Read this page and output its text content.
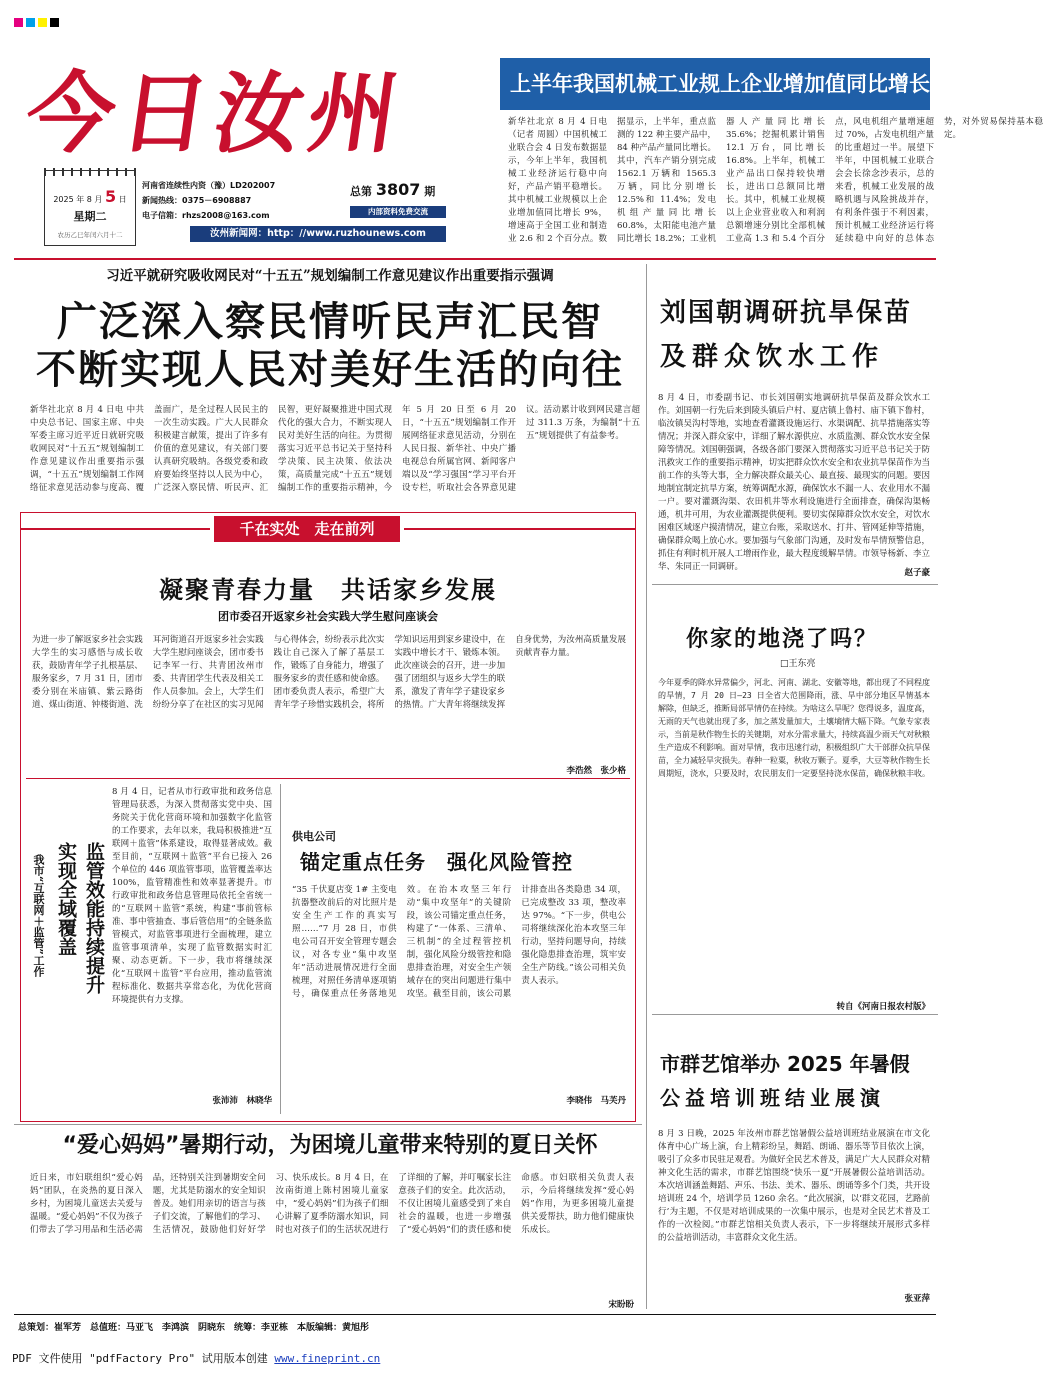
今日汝州
2025 年 8 月 5 日
星期二
农历乙巳年闰六月十二
河南省连续性内资（豫）LD202007
新闻热线：0375－6908887
电子信箱：rhzs2008@163.com
总第 3807 期
内部资料免费交流
汝州新闻网：http：//www.ruzhounews.com
上半年我国机械工业规上企业增加值同比增长 9%
新华社北京 8 月 4 日电（记者 周圆）中国机械工业联合会 4 日发布数据显示，今年上半年，我国机械工业经济运行稳中向好，产品产销平稳增长。其中机械工业规模以上企业增加值同比增长 9%，增速高于全国工业和制造业 2.6 和 2 个百分点。数据显示，上半年，重点监测的 122 种主要产品中，84 种产品产量同比增长。其中，汽车产销分别完成 1562.1 万辆和 1565.3 万辆，同比分别增长 12.5%和 11.4%；发电机组产量同比增长 60.8%，太阳能电池产量同比增长 18.2%；工业机器人产量同比增长 35.6%；挖掘机累计销售 12.1 万台，同比增长 16.8%。上半年，机械工业产品出口保持较快增长，进出口总额同比增长。其中，机械工业规模以上企业营业收入和利润总额增速分别比全部机械工业高 1.3 和 5.4 个百分点，风电机组产量增速超过 70%，占发电机组产量的比重超过一半。展望下半年，中国机械工业联合会会长徐念沙表示，总的来看，机械工业发展的战略机遇与风险挑战并存，有利条件强于不利因素，预计机械工业经济运行将延续稳中向好的总体态势，对外贸易保持基本稳定。
习近平就研究吸收网民对“十五五”规划编制工作意见建议作出重要指示强调
广泛深入察民情听民声汇民智
不断实现人民对美好生活的向往
新华社北京 8 月 4 日电 中共中央总书记、国家主席、中央军委主席习近平近日就研究吸收网民对“十五五”规划编制工作意见建议作出重要指示强调，“十五五”规划编制工作网络征求意见活动参与度高、覆盖面广，是全过程人民民主的一次生动实践。广大人民群众积极建言献策，提出了许多有价值的意见建议，有关部门要认真研究吸纳。各级党委和政府要始终坚持以人民为中心，广泛深入察民情、听民声、汇民智，更好凝聚推进中国式现代化的强大合力，不断实现人民对美好生活的向往。为贯彻落实习近平总书记关于坚持科学决策、民主决策、依法决策，高质量完成“十五五”规划编制工作的重要指示精神，今年 5 月 20 日至 6 月 20 日，“十五五”规划编制工作开展网络征求意见活动，分别在人民日报、新华社、中央广播电视总台所属官网、新闻客户端以及“学习强国”学习平台开设专栏，听取社会各界意见建议。活动累计收到网民建言超过 311.3 万条，为编制“十五五”规划提供了有益参考。
刘国朝调研抗旱保苗
及群众饮水工作
8 月 4 日，市委副书记、市长刘国朝实地调研抗旱保苗及群众饮水工作。刘国朝一行先后来到陵头镇后户村、夏店镇上鲁村、庙下镇下鲁村，临汝镇吴沟村等地，实地查看灌溉设施运行、水渠调配、抗旱措施落实等情况；并深入群众家中，详细了解水源供应、水质监测、群众饮水安全保障等情况。刘国朝强调，各级各部门要深入贯彻落实习近平总书记关于防汛救灾工作的重要指示精神，切实把群众饮水安全和农业抗旱保苗作为当前工作的头等大事，全力解决群众最关心、最直接、最现实的问题。要因地制宜制定抗旱方案，统筹调配水源，确保饮水不漏一人、农业用水不漏一户。要对灌溉沟渠、农田机井等水利设施进行全面排查，确保沟渠畅通，机井可用，为农业灌溉提供便利。要切实保障群众饮水安全，对饮水困难区域逐户摸清情况，建立台账，采取送水、打井、管网延伸等措施，确保群众喝上放心水。要加强与气象部门沟通，及时发布旱情预警信息，抓住有利时机开展人工增雨作业，最大程度缓解旱情。市领导杨新、李立华、朱同正一同调研。
赵子豪
千在实处　走在前列
凝聚青春力量　共话家乡发展
团市委召开返家乡社会实践大学生慰问座谈会
为进一步了解返家乡社会实践大学生的实习感悟与成长收获，鼓励青年学子扎根基层、服务家乡，7 月 31 日，团市委分别在米庙镇、紫云路街道、煤山街道、钟楼街道、洗耳河街道召开返家乡社会实践大学生慰问座谈会，团市委书记李军一行、共青团汝州市委、共青团学生代表及相关工作人员参加。会上，大学生们纷纷分享了在社区的实习见闻与心得体会，纷纷表示此次实践让自己深入了解了基层工作，锻炼了自身能力，增强了服务家乡的责任感和使命感。团市委负责人表示，希望广大青年学子珍惜实践机会，将所学知识运用到家乡建设中，在实践中增长才干、锻炼本领。此次座谈会的召开，进一步加强了团组织与返乡大学生的联系，激发了青年学子建设家乡的热情。广大青年将继续发挥自身优势，为汝州高质量发展贡献青春力量。
李浩然　张少格
我市“互联网＋监管”工作 实现全域覆盖 监管效能持续提升
8 月 4 日，记者从市行政审批和政务信息管理局获悉，为深入贯彻落实党中央、国务院关于优化营商环境和加强数字化监管的工作要求，去年以来，我局积极推进“互联网＋监管”体系建设，取得显著成效。截至目前，“互联网＋监管”平台已接入 26 个单位的 446 项监管事项，监管覆盖率达 100%，监管精准性和效率显著提升。市行政审批和政务信息管理局依托全省统一的“互联网＋监管”系统，构建“事前管标准、事中管抽查、事后管信用”的全链条监管模式，对监管事项进行全面梳理，建立监管事项清单，实现了监管数据实时汇聚、动态更新。下一步，我市将继续深化“互联网＋监管”平台应用，推动监管流程标准化、数据共享常态化，为优化营商环境提供有力支撑。
张沛沛　林晓华
供电公司
锚定重点任务　强化风险管控
“35 千伏夏店变 1# 主变电抗器整改前后的对比照片是安全生产工作的真实写照……”7 月 28 日，市供电公司召开安全管理专题会议，对各专业“集中攻坚年”活动进展情况进行全面梳理，对照任务清单逐项销号，确保重点任务落地见效。在治本攻坚三年行动“集中攻坚年”的关键阶段，该公司锚定重点任务，构建了“一体系、三清单、三机制”的全过程管控机制，强化风险分级管控和隐患排查治理，对安全生产领域存在的突出问题进行集中攻坚。截至目前，该公司累计排查出各类隐患 34 项，已完成整改 33 项，整改率达 97%。“下一步，供电公司将继续深化治本攻坚三年行动，坚持问题导向，持续强化隐患排查治理，筑牢安全生产防线。”该公司相关负责人表示。
李晓伟　马芙丹
你家的地浇了吗？
□王东亮
今年夏季的降水异常偏少，河北、河南、湖北、安徽等地，都出现了不同程度的旱情，7 月 20 日—23 日全省大范围降雨，涨、旱中部分地区旱情基本解除，但缺乏，推断局部旱情仍在持续。为啥这么旱呢？您得说多，温度高，无雨的天气也就出现了多，加之蒸发量加大，土壤墒情大幅下降。气象专家表示，当前是秋作物生长的关键期，对水分需求量大，持续高温少雨天气对秋粮生产造成不利影响。面对旱情，我市迅速行动，积极组织广大干部群众抗旱保苗，全力减轻旱灾损失。春种一粒粟，秋收万颗子。夏季，大豆等秋作物生长周期短，浇水，只要及时，农民朋友们一定要坚持浇水保苗，确保秋粮丰收。
转自《河南日报农村版》
市群艺馆举办 2025 年暑假
公益培训班结业展演
8 月 3 日晚，2025 年汝州市群艺馆暑假公益培训班结业展演在市文化体育中心广场上演，台上精彩纷呈，舞蹈、朗诵、器乐等节目依次上演，吸引了众多市民驻足观看。为做好全民艺术普及，满足广大人民群众对精神文化生活的需求，市群艺馆围绕“快乐一夏”开展暑假公益培训活动。本次培训涵盖舞蹈、声乐、书法、美术、器乐、朗诵等多个门类，共开设培训班 24 个，培训学员 1260 余名。“此次展演，以‘群文花园，艺路前行’为主题，不仅是对培训成果的一次集中展示，也是对全民艺术普及工作的一次检阅。”市群艺馆相关负责人表示，下一步将继续开展形式多样的公益培训活动，丰富群众文化生活。
张亚萍
“爱心妈妈”暑期行动，为困境儿童带来特别的夏日关怀
近日来，市妇联组织“爱心妈妈”团队，在炎热的夏日深入乡村，为困境儿童送去关爱与温暖。“爱心妈妈”不仅为孩子们带去了学习用品和生活必需品，还特别关注到暑期安全问题，尤其是防溺水的安全知识普及。她们用亲切的语言与孩子们交流，了解他们的学习、生活情况，鼓励他们好好学习、快乐成长。8 月 4 日，在汝南街道上陈村困境儿童家中，“爱心妈妈”们为孩子们细心讲解了夏季防溺水知识，同时也对孩子们的生活状况进行了详细的了解，并叮嘱家长注意孩子们的安全。此次活动，不仅让困境儿童感受到了来自社会的温暖，也进一步增强了“爱心妈妈”们的责任感和使命感。市妇联相关负责人表示，今后将继续发挥“爱心妈妈”作用，为更多困境儿童提供关爱帮扶，助力他们健康快乐成长。
宋盼盼
总策划：崔军芳　总值班：马亚飞　李鸿滨　阴晓东　统筹：李亚栋　本版编辑：黄旭彤
PDF 文件使用 "pdfFactory Pro" 试用版本创建 www.fineprint.cn
